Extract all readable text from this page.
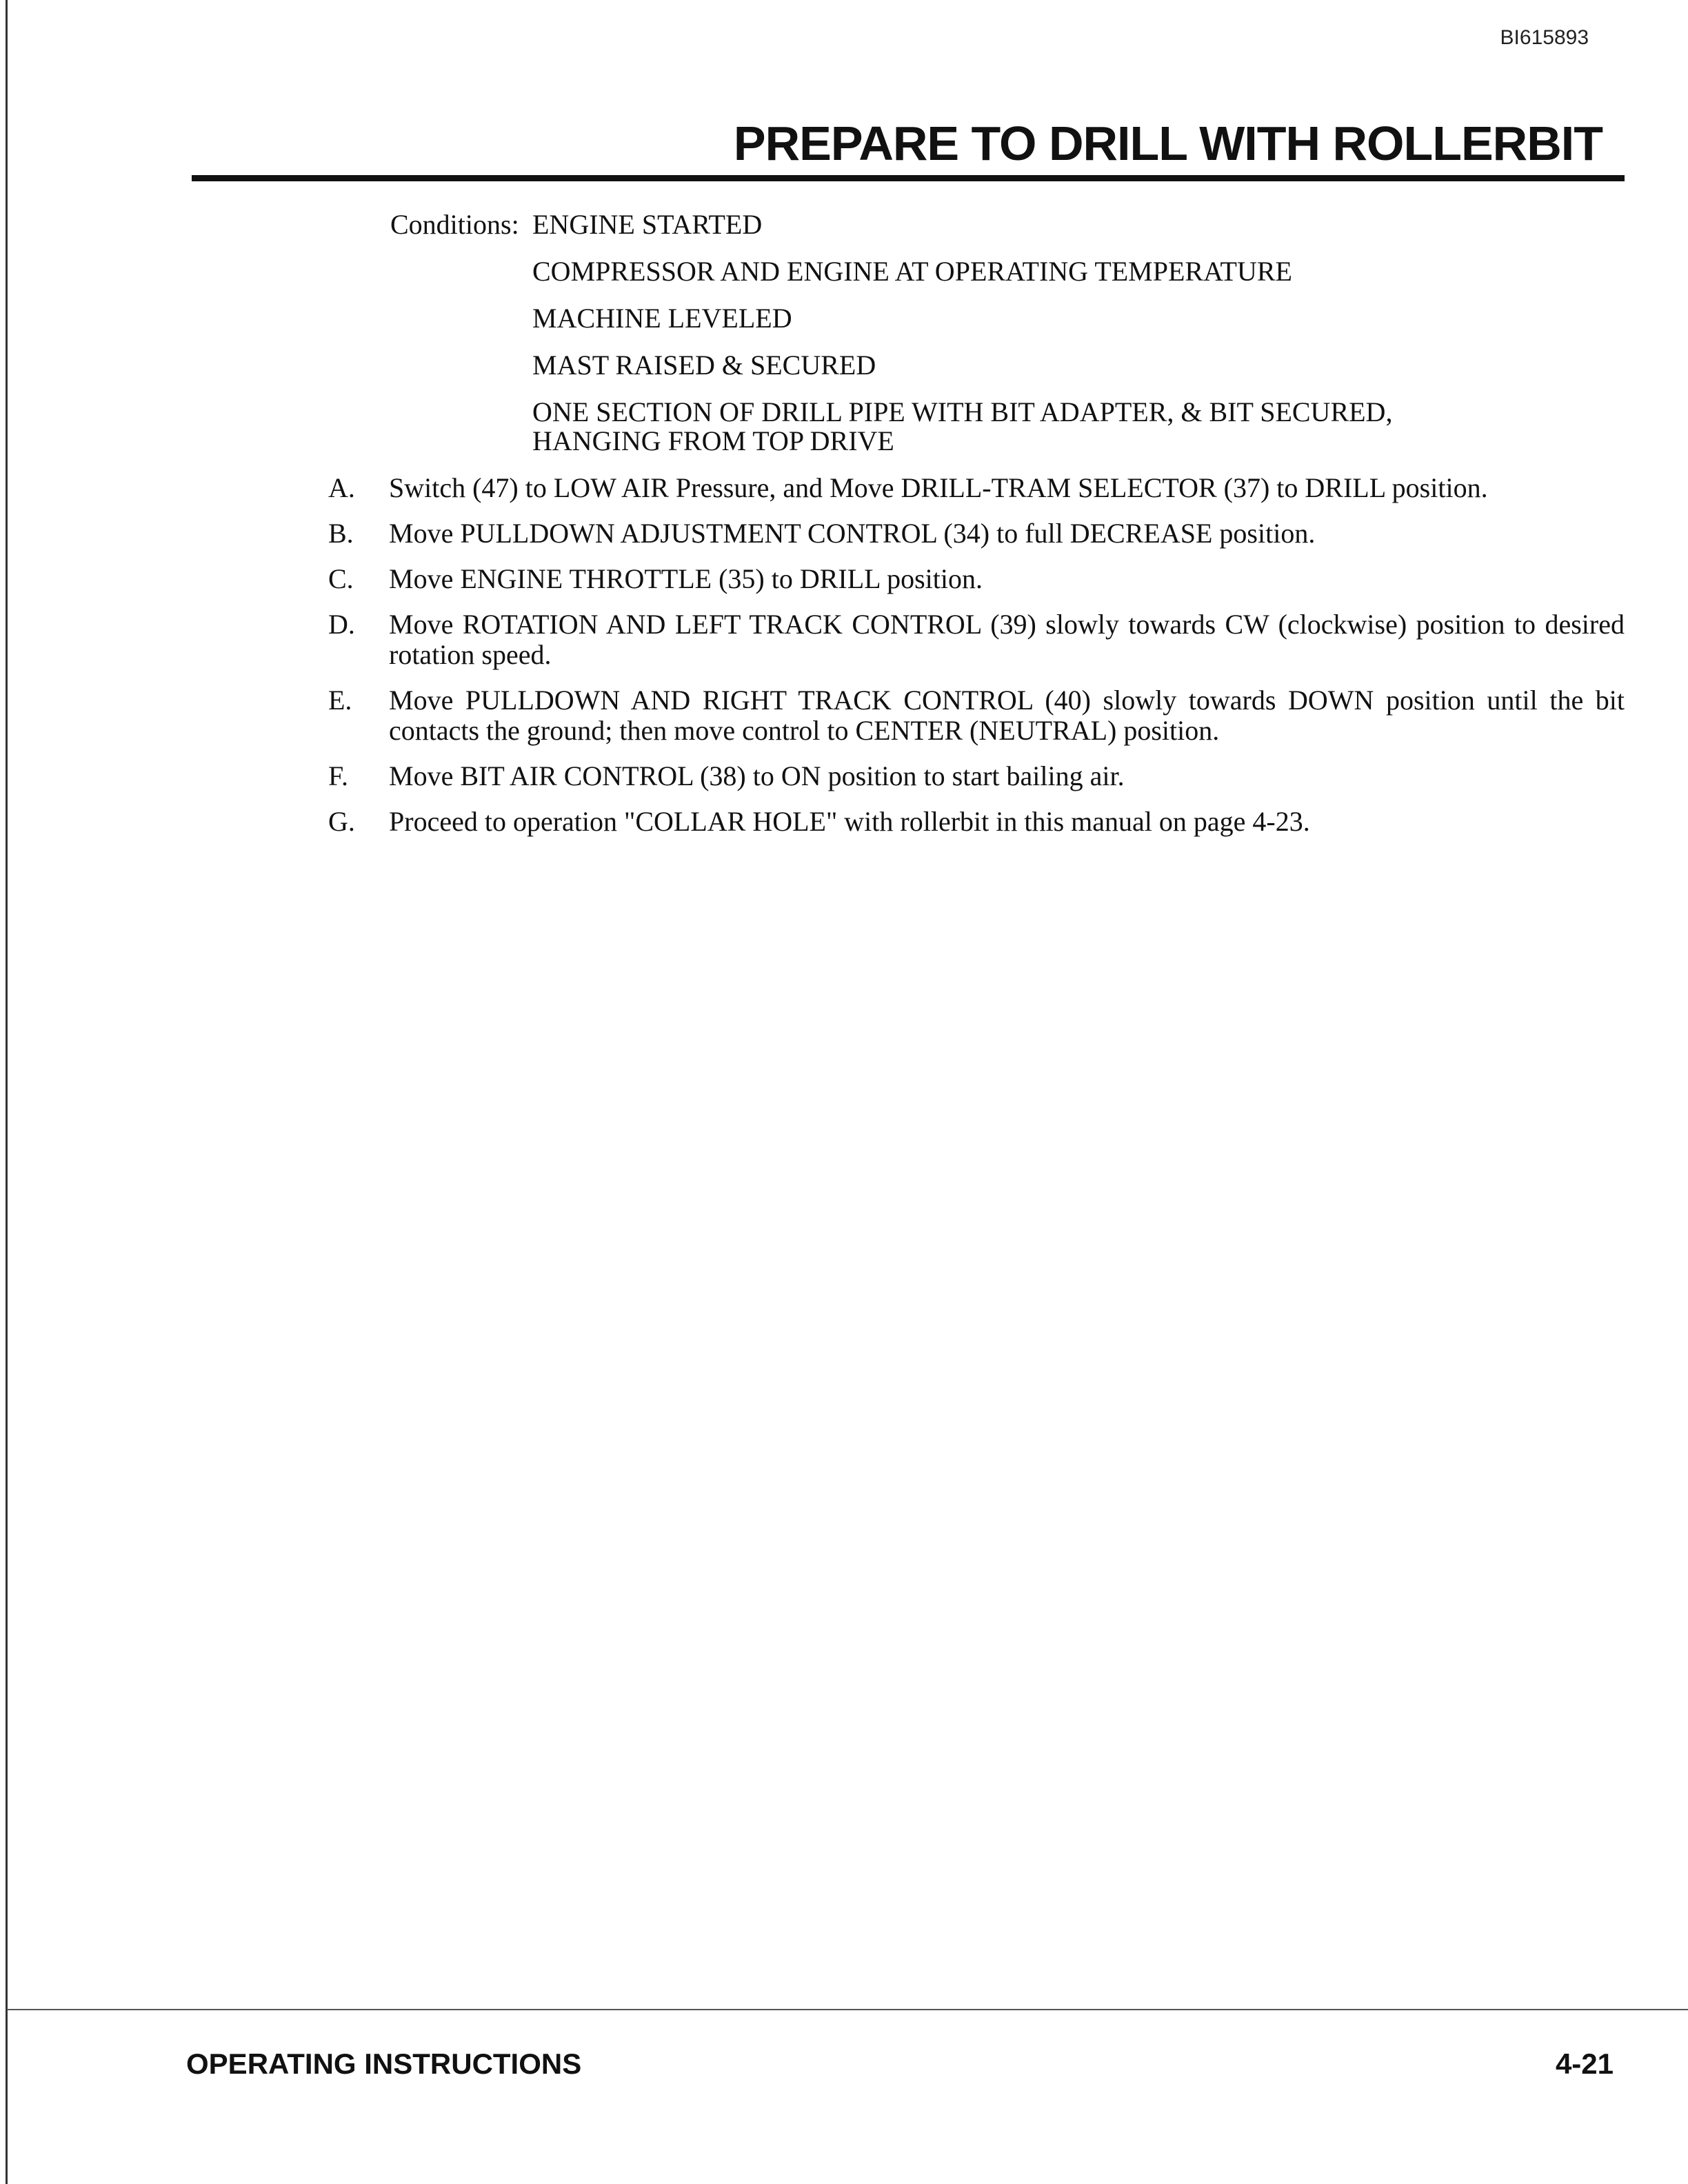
BI615893
PREPARE TO DRILL WITH ROLLERBIT
Conditions: ENGINE STARTED
COMPRESSOR AND ENGINE AT OPERATING TEMPERATURE
MACHINE LEVELED
MAST RAISED & SECURED
ONE SECTION OF DRILL PIPE WITH BIT ADAPTER, & BIT SECURED,
HANGING FROM TOP DRIVE
A.	Switch (47) to LOW AIR Pressure, and Move DRILL-TRAM SELECTOR (37) to DRILL position.
B.	Move PULLDOWN ADJUSTMENT CONTROL (34) to full DECREASE position.
C.	Move ENGINE THROTTLE (35) to DRILL position.
D.	Move ROTATION AND LEFT TRACK CONTROL (39) slowly towards CW (clockwise) position to desired rotation speed.
E.	Move PULLDOWN AND RIGHT TRACK CONTROL (40) slowly towards DOWN position until the bit contacts the ground; then move control to CENTER (NEUTRAL) position.
F.	Move BIT AIR CONTROL (38) to ON position to start bailing air.
G.	Proceed to operation "COLLAR HOLE" with rollerbit in this manual on page 4-23.
OPERATING INSTRUCTIONS	4-21
